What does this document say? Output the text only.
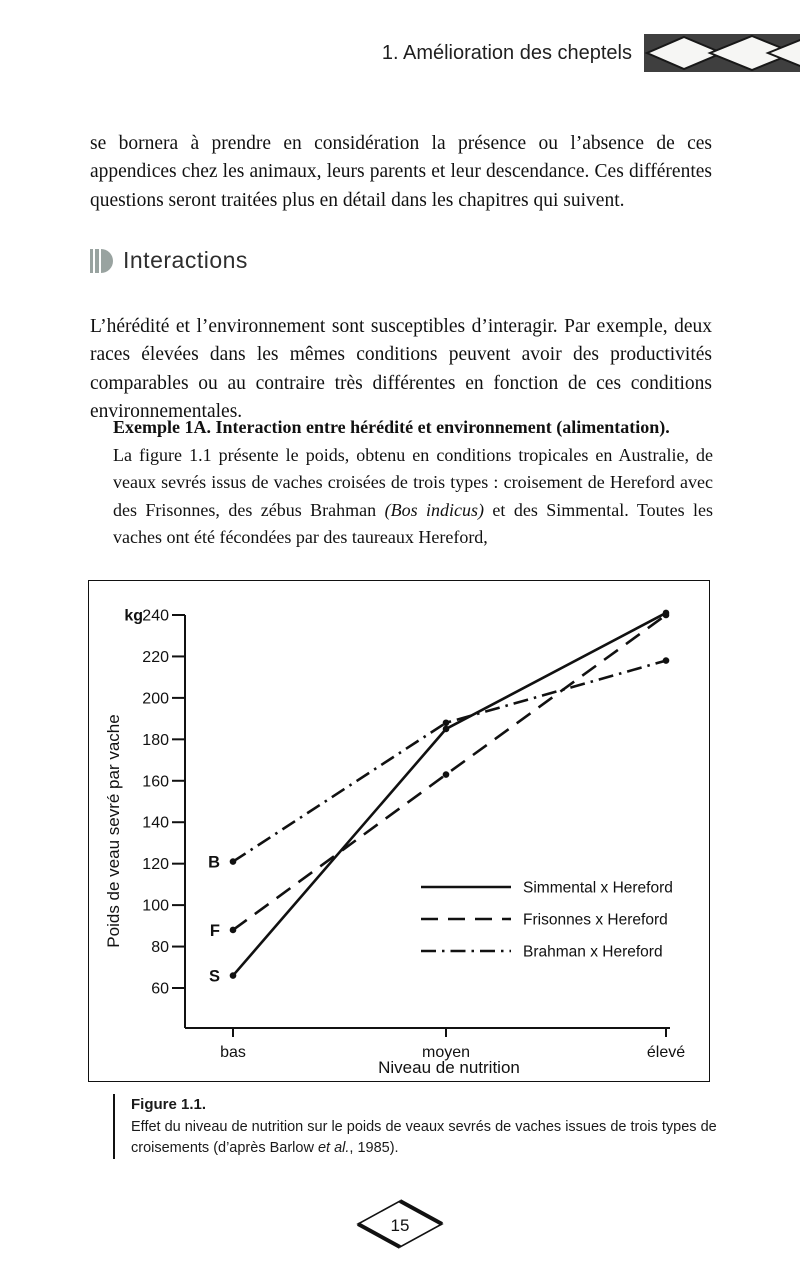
1. Amélioration des cheptels

se bornera à prendre en considération la présence ou l’absence de ces appendices chez les animaux, leurs parents et leur descendance. Ces différentes questions seront traitées plus en détail dans les chapitres qui suivent.

Interactions

L’hérédité et l’environnement sont susceptibles d’interagir. Par exemple, deux races élevées dans les mêmes conditions peuvent avoir des productivités comparables ou au contraire très différentes en fonction de ces conditions environnementales.

Exemple 1A. Interaction entre hérédité et environnement (alimentation).
La figure 1.1 présente le poids, obtenu en conditions tropicales en Australie, de veaux sevrés issus de vaches croisées de trois types : croisement de Hereford avec des Frisonnes, des zébus Brahman (Bos indicus) et des Simmental. Toutes les vaches ont été fécondées par des taureaux Hereford,
240
220
200
180
160
140
120
100
80
60
kg
bas	moyen	élevé
Niveau de nutrition
Poids de veau sevré par vache
S
F
B
Simmental x Hereford
Frisonnes x Hereford
Brahman x Hereford
Figure 1.1.
Effet du niveau de nutrition sur le poids de veaux sevrés de vaches issues de trois types de croisements (d’après Barlow et al., 1985).
15
